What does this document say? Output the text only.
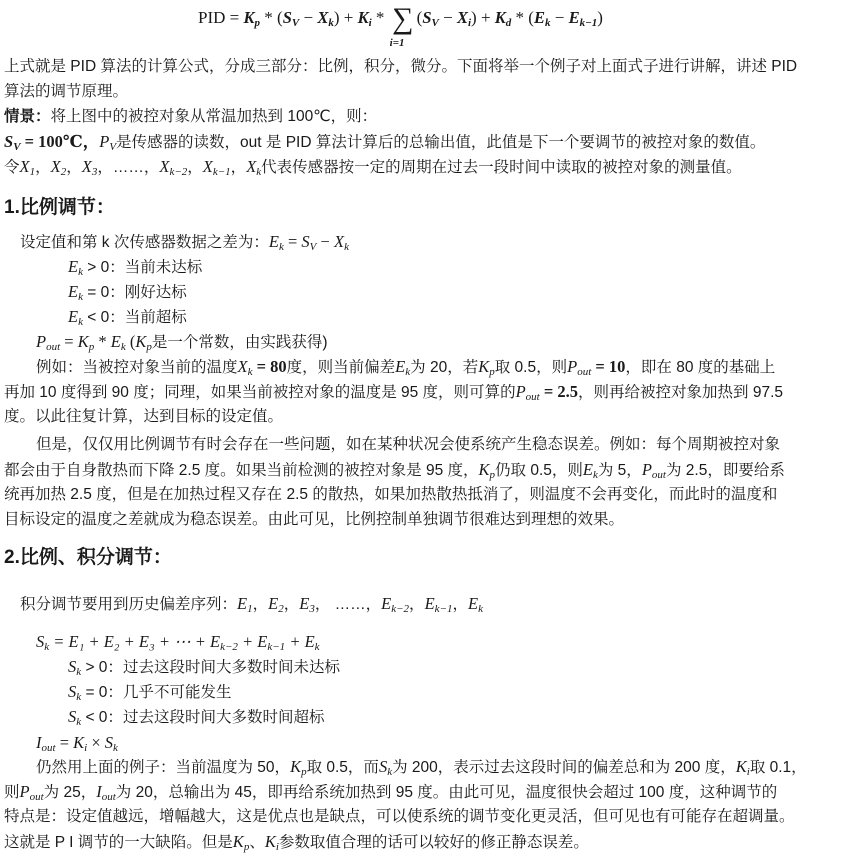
PID = $K_p * (S_V - X_k) + K_i$ * ∑
i=1
$(S_V - X_i) + K_d * (E_k - E_{k-1})$
上式就是 PID 算法的计算公式，分成三部分：比例，积分，微分。下面将举一个例子对上面式子进行讲解，讲述 PID
算法的调节原理。
情景：将上图中的被控对象从常温加热到 100℃，则：
$S_V$ = 100℃，$P_V$是传感器的读数，out 是 PID 算法计算后的总输出值，此值是下一个要调节的被控对象的数值。
令$X_1$，$X_2$，$X_3$，……，$X_{k-2}$，$X_{k-1}$，$X_k$代表传感器按一定的周期在过去一段时间中读取的被控对象的测量值。
1.比例调节：
设定值和第 k 次传感器数据之差为：$E_k = S_V - X_k$
$E_k > 0$：当前未达标
$E_k = 0$：刚好达标
$E_k < 0$：当前超标
$P_{out} = K_p * E_k$ ($K_p$是一个常数，由实践获得)
例如：当被控对象当前的温度$X_k = 80$度，则当前偏差$E_k$为 20，若$K_p$取 0.5，则$P_{out} = 10$，即在 80 度的基础上
再加 10 度得到 90 度；同理，如果当前被控对象的温度是 95 度，则可算的$P_{out} = 2.5$，则再给被控对象加热到 97.5
度。以此往复计算，达到目标的设定值。
但是，仅仅用比例调节有时会存在一些问题，如在某种状况会使系统产生稳态误差。例如：每个周期被控对象
都会由于自身散热而下降 2.5 度。如果当前检测的被控对象是 95 度，$K_p$仍取 0.5，则$E_k$为 5，$P_{out}$为 2.5，即要给系
统再加热 2.5 度，但是在加热过程又存在 2.5 的散热，如果加热散热抵消了，则温度不会再变化，而此时的温度和
目标设定的温度之差就成为稳态误差。由此可见，比例控制单独调节很难达到理想的效果。
2.比例、积分调节：
积分调节要用到历史偏差序列：$E_1$，$E_2$，$E_3$， ……，$E_{k-2}$，$E_{k-1}$，$E_k$
$S_k = E_1 + E_2 + E_3$ + ⋯ + $E_{k-2} + E_{k-1} + E_k$
$S_k > 0$：过去这段时间大多数时间未达标
$S_k = 0$：几乎不可能发生
$S_k < 0$：过去这段时间大多数时间超标
$I_{out} = K_i \times S_k$
仍然用上面的例子：当前温度为 50，$K_p$取 0.5，而$S_k$为 200，表示过去这段时间的偏差总和为 200 度，$K_i$取 0.1，
则$P_{out}$为 25，$I_{out}$为 20，总输出为 45，即再给系统加热到 95 度。由此可见，温度很快会超过 100 度，这种调节的
特点是：设定值越远，增幅越大，这是优点也是缺点，可以使系统的调节变化更灵活，但可见也有可能存在超调量。
这就是 P I 调节的一大缺陷。但是$K_p$、$K_i$参数取值合理的话可以较好的修正静态误差。
